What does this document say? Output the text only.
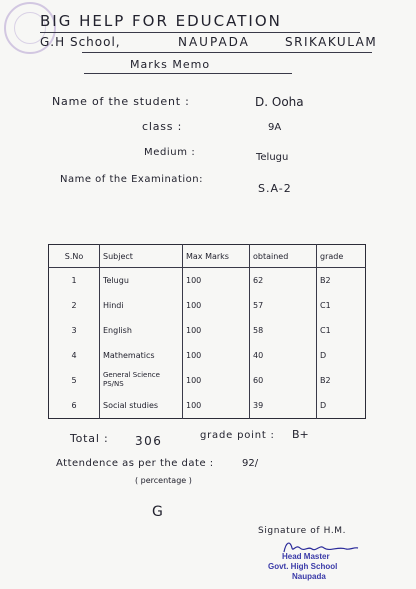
BIG HELP FOR EDUCATION
G.H School,	NAUPADA	SRIKAKULAM
Marks Memo
Name of the student :	D. Ooha
class :	9A
Medium :	Telugu
Name of the Examination:
S.A-2
S.No	Subject	Max Marks	obtained	grade
1	Telugu	100	62	B2
2	Hindi	100	57	C1
3	English	100	58	C1
4	Mathematics	100	40	D
5	General Science PS/NS	100	60	B2
6	Social studies	100	39	D
Total : 306	grade point : B+
Attendence as per the date :	92/
( percentage )
G
Signature of H.M.
Head Master
Govt. High School
Naupada
